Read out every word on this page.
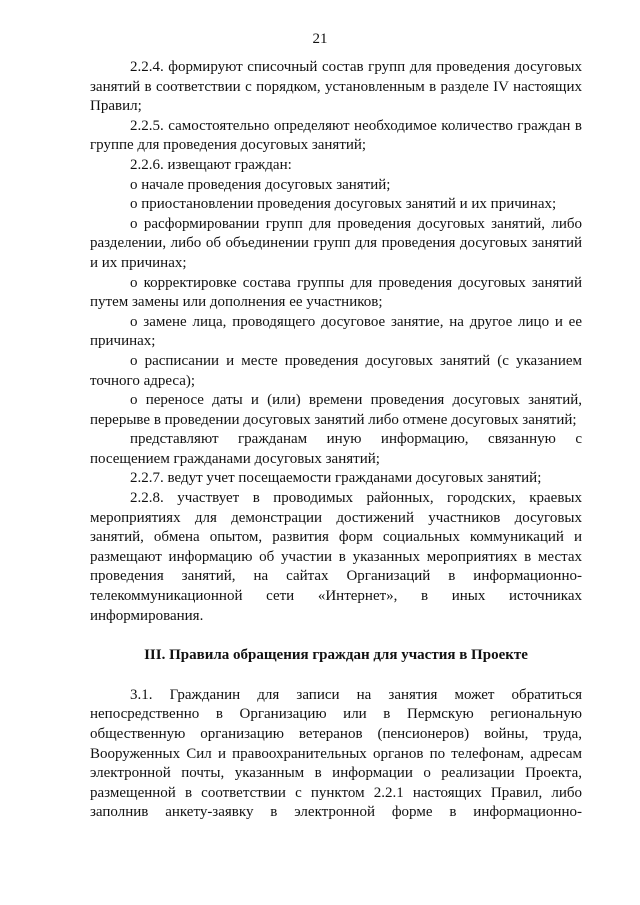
21

2.2.4. формируют списочный состав групп для проведения досуговых занятий в соответствии с порядком, установленным в разделе IV настоящих Правил;

2.2.5. самостоятельно определяют необходимое количество граждан в группе для проведения досуговых занятий;

2.2.6. извещают граждан:

о начале проведения досуговых занятий;

о приостановлении проведения досуговых занятий и их причинах;

о расформировании групп для проведения досуговых занятий, либо разделении, либо об объединении групп для проведения досуговых занятий и их причинах;

о корректировке состава группы для проведения досуговых занятий путем замены или дополнения ее участников;

о замене лица, проводящего досуговое занятие, на другое лицо и ее причинах;

о расписании и месте проведения досуговых занятий (с указанием точного адреса);

о переносе даты и (или) времени проведения досуговых занятий, перерыве в проведении досуговых занятий либо отмене досуговых занятий;

представляют гражданам иную информацию, связанную с посещением гражданами досуговых занятий;

2.2.7. ведут учет посещаемости гражданами досуговых занятий;

2.2.8. участвует в проводимых районных, городских, краевых мероприятиях для демонстрации достижений участников досуговых занятий, обмена опытом, развития форм социальных коммуникаций и размещают информацию об участии в указанных мероприятиях в местах проведения занятий, на сайтах Организаций в информационно-телекоммуникационной сети «Интернет», в иных источниках информирования.

III. Правила обращения граждан для участия в Проекте

3.1. Гражданин для записи на занятия может обратиться непосредственно в Организацию или в Пермскую региональную общественную организацию ветеранов (пенсионеров) войны, труда, Вооруженных Сил и правоохранительных органов по телефонам, адресам электронной почты, указанным в информации о реализации Проекта, размещенной в соответствии с пунктом 2.2.1 настоящих Правил, либо заполнив анкету-заявку в электронной форме в информационно-
